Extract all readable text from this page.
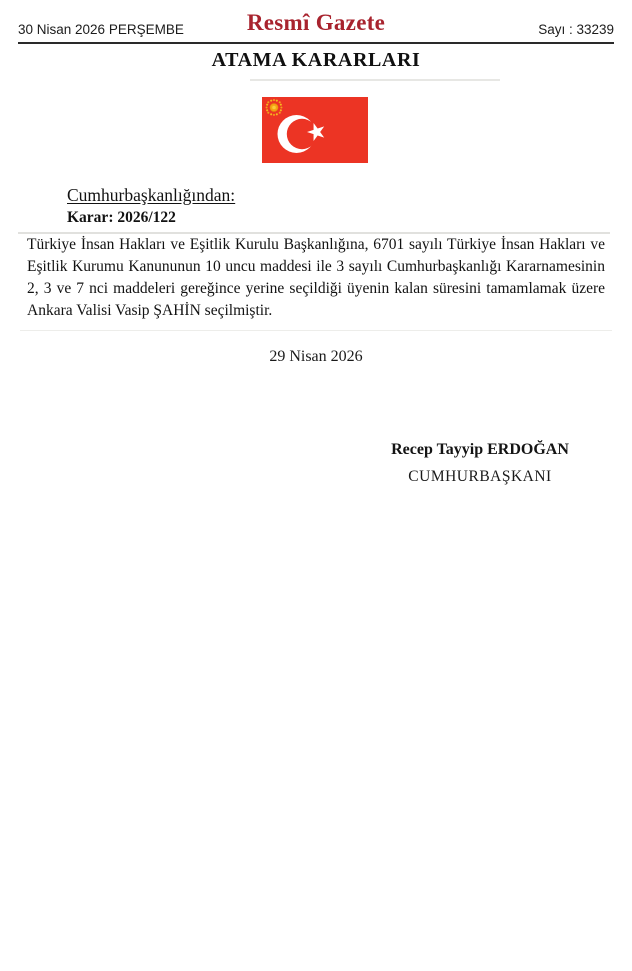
30 Nisan 2026 PERŞEMBE	Resmî Gazete	Sayı : 33239
ATAMA KARARLARI
Cumhurbaşkanlığından:
Karar: 2026/122
Türkiye İnsan Hakları ve Eşitlik Kurulu Başkanlığına, 6701 sayılı Türkiye İnsan Hakları ve Eşitlik Kurumu Kanununun 10 uncu maddesi ile 3 sayılı Cumhurbaşkanlığı Kararnamesinin 2, 3 ve 7 nci maddeleri gereğince yerine seçildiği üyenin kalan süresini tamamlamak üzere Ankara Valisi Vasip ŞAHİN seçilmiştir.
29 Nisan 2026
Recep Tayyip ERDOĞAN
CUMHURBAŞKANI
